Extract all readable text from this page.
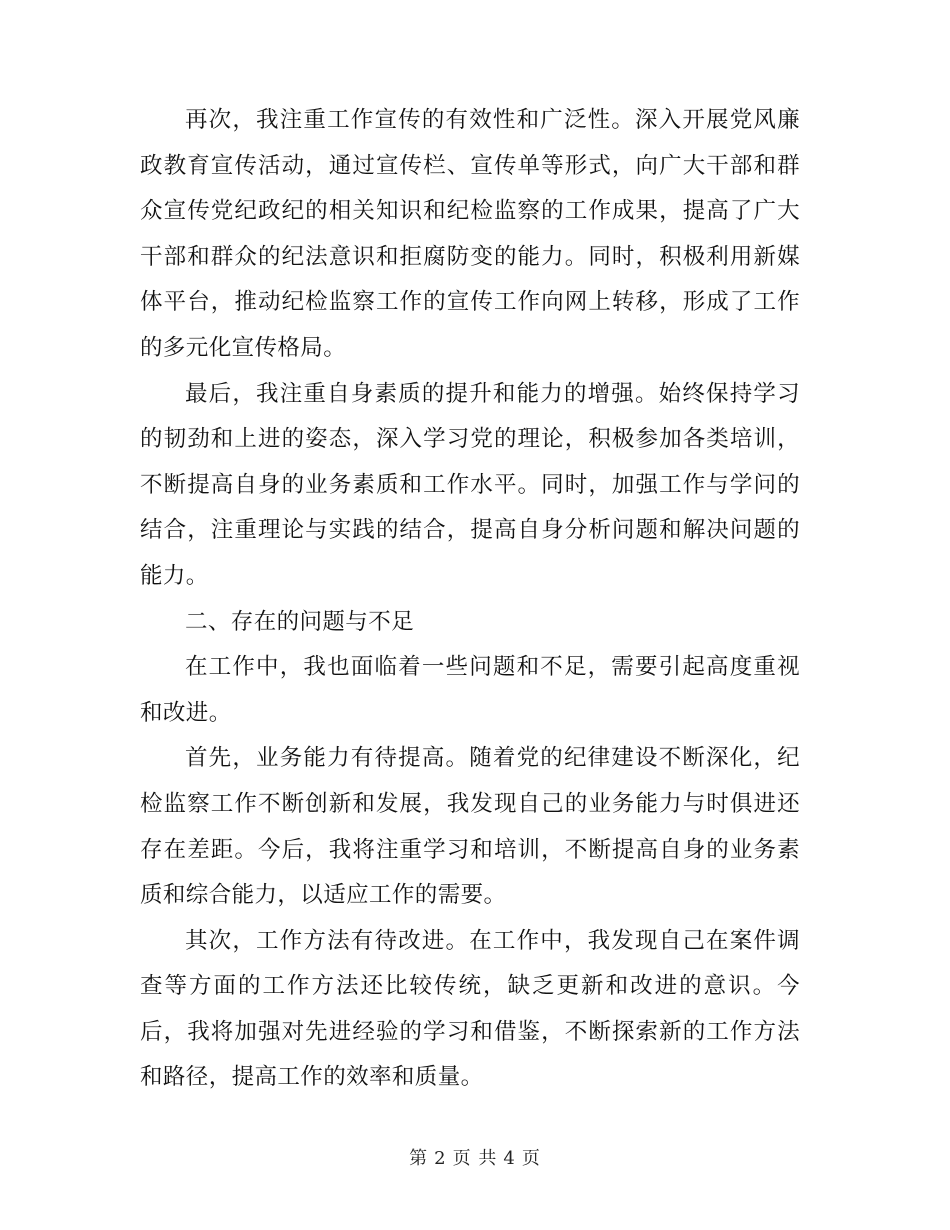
再次，我注重工作宣传的有效性和广泛性。深入开展党风廉政教育宣传活动，通过宣传栏、宣传单等形式，向广大干部和群众宣传党纪政纪的相关知识和纪检监察的工作成果，提高了广大干部和群众的纪法意识和拒腐防变的能力。同时，积极利用新媒体平台，推动纪检监察工作的宣传工作向网上转移，形成了工作的多元化宣传格局。

最后，我注重自身素质的提升和能力的增强。始终保持学习的韧劲和上进的姿态，深入学习党的理论，积极参加各类培训，不断提高自身的业务素质和工作水平。同时，加强工作与学问的结合，注重理论与实践的结合，提高自身分析问题和解决问题的能力。

二、存在的问题与不足

在工作中，我也面临着一些问题和不足，需要引起高度重视和改进。

首先，业务能力有待提高。随着党的纪律建设不断深化，纪检监察工作不断创新和发展，我发现自己的业务能力与时俱进还存在差距。今后，我将注重学习和培训，不断提高自身的业务素质和综合能力，以适应工作的需要。

其次，工作方法有待改进。在工作中，我发现自己在案件调查等方面的工作方法还比较传统，缺乏更新和改进的意识。今后，我将加强对先进经验的学习和借鉴，不断探索新的工作方法和路径，提高工作的效率和质量。

第 2 页 共 4 页
